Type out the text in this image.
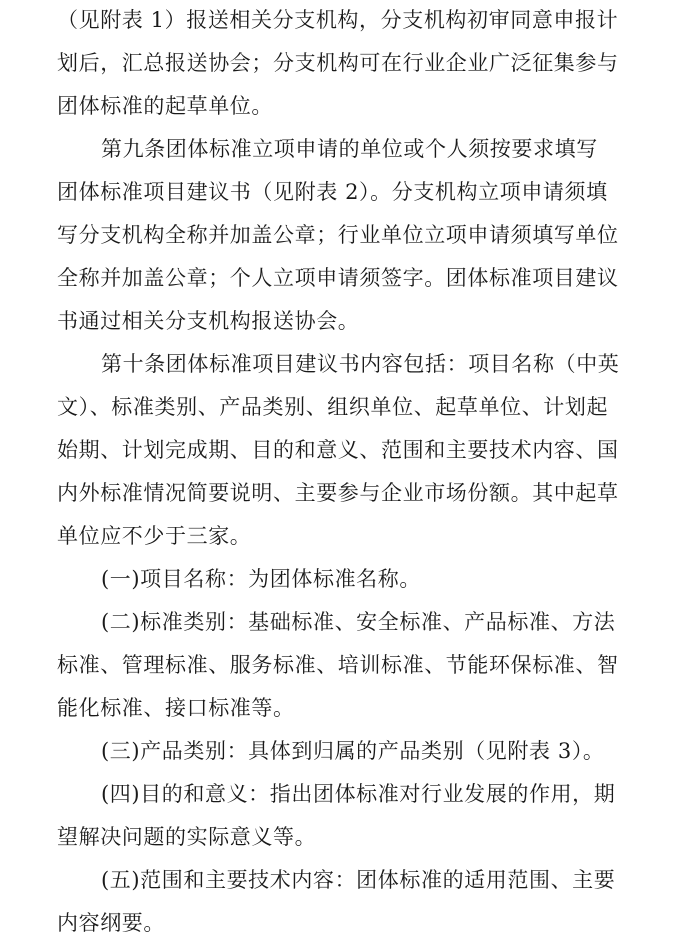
（见附表 1）报送相关分支机构，分支机构初审同意申报计
划后，汇总报送协会；分支机构可在行业企业广泛征集参与
团体标准的起草单位。
第九条团体标准立项申请的单位或个人须按要求填写
团体标准项目建议书（见附表 2）。分支机构立项申请须填
写分支机构全称并加盖公章；行业单位立项申请须填写单位
全称并加盖公章；个人立项申请须签字。团体标准项目建议
书通过相关分支机构报送协会。
第十条团体标准项目建议书内容包括：项目名称（中英
文）、标准类别、产品类别、组织单位、起草单位、计划起
始期、计划完成期、目的和意义、范围和主要技术内容、国
内外标准情况简要说明、主要参与企业市场份额。其中起草
单位应不少于三家。
(一)项目名称：为团体标准名称。
(二)标准类别：基础标准、安全标准、产品标准、方法
标准、管理标准、服务标准、培训标准、节能环保标准、智
能化标准、接口标准等。
(三)产品类别：具体到归属的产品类别（见附表 3）。
(四)目的和意义：指出团体标准对行业发展的作用，期
望解决问题的实际意义等。
(五)范围和主要技术内容：团体标准的适用范围、主要
内容纲要。
